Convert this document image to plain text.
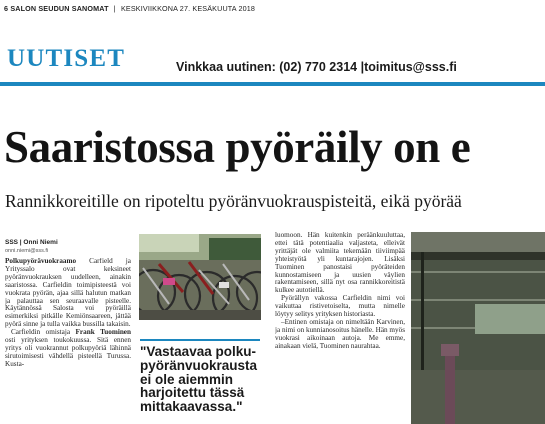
6 SALON SEUDUN SANOMAT | KESKIVIIKKONA 27. KESÄKUUTA 2018
UUTISET	Vinkkaa uutinen: (02) 770 2314 |toimitus@sss.fi
Saaristossa pyöräily on e
Rannikkoreitille on ripoteltu pyöränvuokrauspisteitä, eikä pyörää
SSS | Onni Niemi
onni.niemi@sss.fi

Polkupyörävuokraamo Carfield ja Yrityssalo ovat keksineet pyöränvuokrauksen uudelleen, ainakin saaristossa. Carfieldin toimipisteestä voi vuokrata pyörän, ajaa sillä halutun matkan ja palauttaa sen seuraavalle pisteelle. Käytännössä Salosta voi pyöräillä esimerkiksi pitkälle Kemiönsaareen, jättää pyörä sinne ja tulla vaikka bussilla takaisin.

Carfieldin omistaja Frank Tuominen osti yrityksen toukokuussa. Sitä ennen yritys oli vuokrannut polkupyöriä lähinnä sirutoimisesti vähdellä pisteellä Turussa. Kusta-

"Vastaavaa polku-
pyöränvuokrausta
ei ole aiemmin
harjoitettu tässä
mittakaavassa."

luomoon. Hän kuitenkin peräänkuuluttaa, ettei tätä potentiaalia valjasteta, elleivät yrittäjät ole valmiita tekemään tiiviimpää yhteistyötä yli kuntarajojen. Lisäksi Tuominen panostaisi pyöräteiden kunnostamiseen ja uusien väylien rakentamiseen, sillä nyt osa rannikkoreitistä kulkee autotiellä.

Pyörällyn vakossa Carfieldin nimi voi vaikuttaa ristivetoiselta, mutta nimelle löytyy selitys yrityksen historiasta.

–Entinen omistaja on nimeltään Karvinen, ja nimi on kunnianosoitus hänelle. Hän myös vuokrasi aikoinaan autoja. Me emme, ainakaan vielä, Tuominen naurahtaa.
